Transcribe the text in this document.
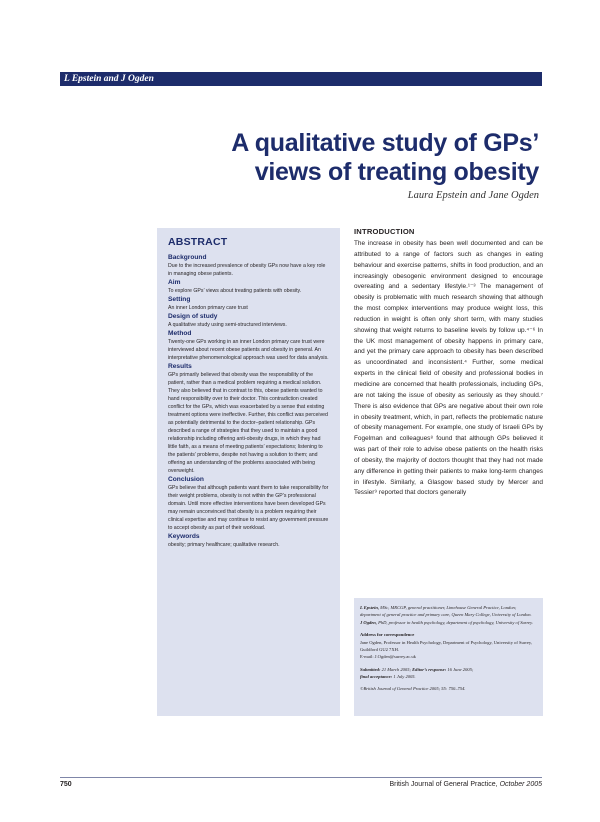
L Epstein and J Ogden
A qualitative study of GPs’
views of treating obesity
Laura Epstein and Jane Ogden
ABSTRACT
Background
Due to the increased prevalence of obesity GPs now have a key role in managing obese patients.
Aim
To explore GPs’ views about treating patients with obesity.
Setting
An inner London primary care trust
Design of study
A qualitative study using semi-structured interviews.
Method
Twenty-one GPs working in an inner London primary care trust were interviewed about recent obese patients and obesity in general. An interpretative phenomenological approach was used for data analysis.
Results
GPs primarily believed that obesity was the responsibility of the patient, rather than a medical problem requiring a medical solution. They also believed that in contrast to this, obese patients wanted to hand responsibility over to their doctor. This contradiction created conflict for the GPs, which was exacerbated by a sense that existing treatment options were ineffective. Further, this conflict was perceived as potentially detrimental to the doctor–patient relationship. GPs described a range of strategies that they used to maintain a good relationship including offering anti-obesity drugs, in which they had little faith, as a means of meeting patients’ expectations; listening to the patients’ problems, despite not having a solution to them; and offering an understanding of the problems associated with being overweight.
Conclusion
GPs believe that although patients want them to take responsibility for their weight problems, obesity is not within the GP’s professional domain. Until more effective interventions have been developed GPs may remain unconvinced that obesity is a problem requiring their clinical expertise and may continue to resist any government pressure to accept obesity as part of their workload.
Keywords
obesity; primary healthcare; qualitative research.
INTRODUCTION

The increase in obesity has been well documented and can be attributed to a range of factors such as changes in eating behaviour and exercise patterns, shifts in food production, and an increasingly obesogenic environment designed to encourage overeating and a sedentary lifestyle.¹⁻³ The management of obesity is problematic with much research showing that although the most complex interventions may produce weight loss, this reduction in weight is often only short term, with many studies showing that weight returns to baseline levels by follow up.⁴⁻⁶ In the UK most management of obesity happens in primary care, and yet the primary care approach to obesity has been described as uncoordinated and inconsistent.⁴ Further, some medical experts in the clinical field of obesity and professional bodies in medicine are concerned that health professionals, including GPs, are not taking the issue of obesity as seriously as they should.⁷ There is also evidence that GPs are negative about their own role in obesity treatment, which, in part, reflects the problematic nature of obesity management. For example, one study of Israeli GPs by Fogelman and colleagues⁸ found that although GPs believed it was part of their role to advise obese patients on the health risks of obesity, the majority of doctors thought that they had not made any difference in getting their patients to make long-term changes in lifestyle. Similarly, a Glasgow based study by Mercer and Tessier⁹ reported that doctors generally

L Epstein, MSc, MRCGP, general practitioner, Limehouse General Practice, London; department of general practice and primary care, Queen Mary College, University of London.
J Ogden, PhD, professor in health psychology, department of psychology, University of Surrey.

Address for correspondence
Jane Ogden, Professor in Health Psychology, Department of Psychology, University of Surrey, Guildford GU2 7XH.
E-mail: J.Ogden@surrey.ac.uk

Submitted: 21 March 2005; Editor’s response: 16 June 2005;
final acceptance: 1 July 2005.

©British Journal of General Practice 2005; 55: 750–754.

750	British Journal of General Practice, October 2005
